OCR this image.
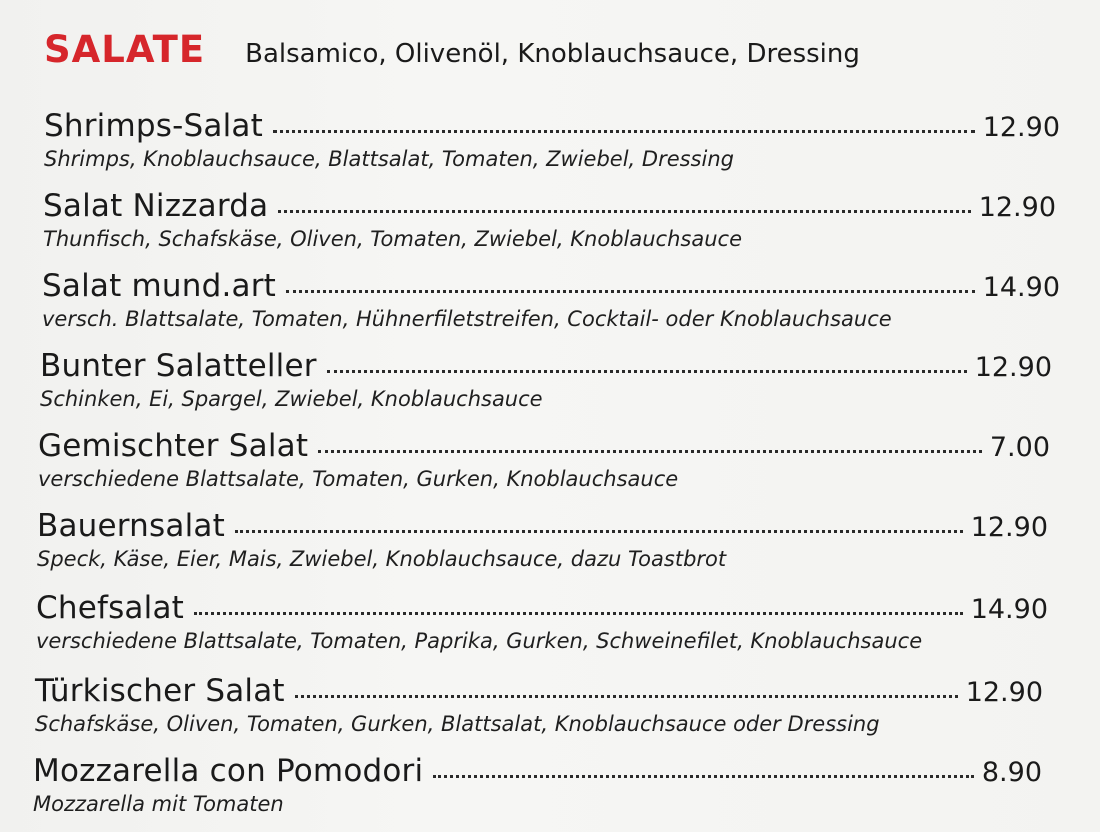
SALATE Balsamico, Olivenöl, Knoblauchsauce, Dressing
Shrimps-Salat	12.90
Shrimps, Knoblauchsauce, Blattsalat, Tomaten, Zwiebel, Dressing
Salat Nizzarda	12.90
Thunfisch, Schafskäse, Oliven, Tomaten, Zwiebel, Knoblauchsauce
Salat mund.art	14.90
versch. Blattsalate, Tomaten, Hühnerfiletstreifen, Cocktail- oder Knoblauchsauce
Bunter Salatteller	12.90
Schinken, Ei, Spargel, Zwiebel, Knoblauchsauce
Gemischter Salat	7.00
verschiedene Blattsalate, Tomaten, Gurken, Knoblauchsauce
Bauernsalat	12.90
Speck, Käse, Eier, Mais, Zwiebel, Knoblauchsauce, dazu Toastbrot
Chefsalat	14.90
verschiedene Blattsalate, Tomaten, Paprika, Gurken, Schweinefilet, Knoblauchsauce
Türkischer Salat	12.90
Schafskäse, Oliven, Tomaten, Gurken, Blattsalat, Knoblauchsauce oder Dressing
Mozzarella con Pomodori	8.90
Mozzarella mit Tomaten
